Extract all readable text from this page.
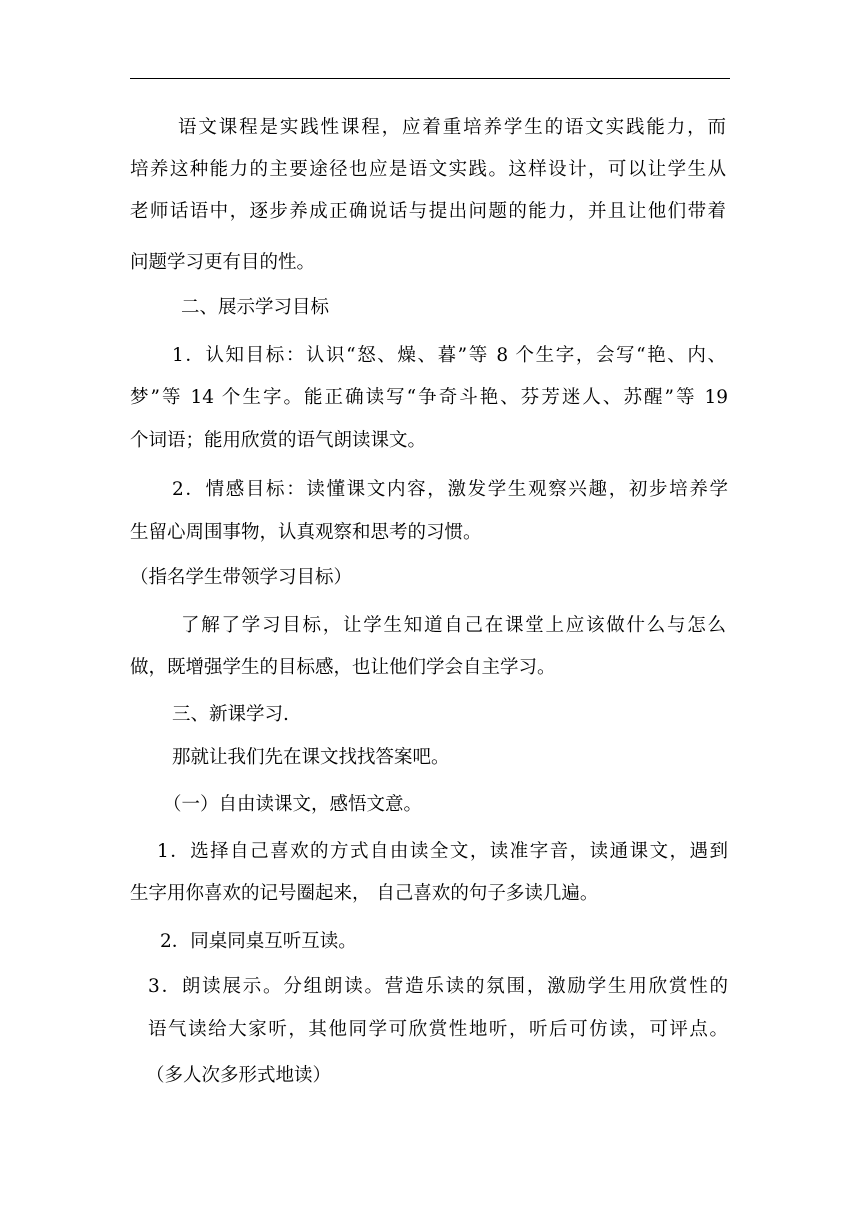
语文课程是实践性课程，应着重培养学生的语文实践能力，而

培养这种能力的主要途径也应是语文实践。这样设计，可以让学生从

老师话语中，逐步养成正确说话与提出问题的能力，并且让他们带着

问题学习更有目的性。

二、展示学习目标

1．认知目标：认识“怒、燥、暮”等 8 个生字，会写“艳、内、

梦”等 14 个生字。能正确读写“争奇斗艳、芬芳迷人、苏醒”等 19

个词语；能用欣赏的语气朗读课文。

2．情感目标：读懂课文内容，激发学生观察兴趣，初步培养学

生留心周围事物，认真观察和思考的习惯。

（指名学生带领学习目标）

了解了学习目标，让学生知道自己在课堂上应该做什么与怎么

做，既增强学生的目标感，也让他们学会自主学习。

三、新课学习.

那就让我们先在课文找找答案吧。

（一）自由读课文，感悟文意。

1．选择自己喜欢的方式自由读全文，读准字音，读通课文，遇到

生字用你喜欢的记号圈起来， 自己喜欢的句子多读几遍。

2．同桌同桌互听互读。

3．朗读展示。分组朗读。营造乐读的氛围，激励学生用欣赏性的

语气读给大家听，其他同学可欣赏性地听，听后可仿读，可评点。

（多人次多形式地读）
